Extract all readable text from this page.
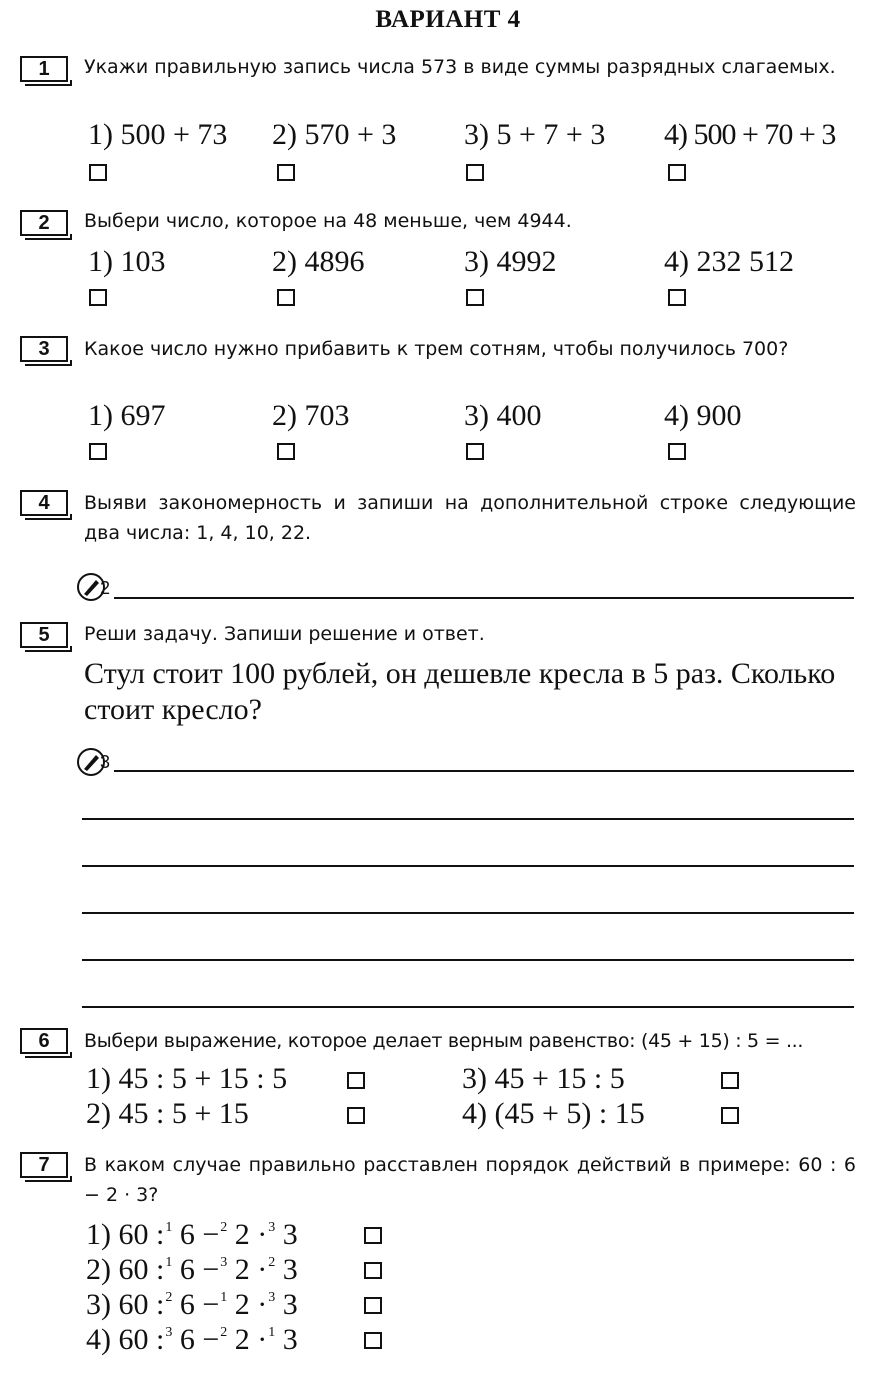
ВАРИАНТ 4
1	Укажи правильную запись числа 573 в виде суммы разрядных слагаемых.
1) 500 + 73 2) 570 + 3 3) 5 + 7 + 3 4) 500 + 70 + 3
2	Выбери число, которое на 48 меньше, чем 4944.
1) 103	2) 4896	3) 4992	4) 232 512
3	Какое число нужно прибавить к трем сотням, чтобы получилось 700?
1) 697	2) 703	3) 400	4) 900
4	Выяви закономерность и запиши на дополнительной строке следующие два числа: 1, 4, 10, 22.
2
5	Реши задачу. Запиши решение и ответ.
Стул стоит 100 рублей, он дешевле кресла в 5 раз. Сколько стоит кресло?
3
6	Выбери выражение, которое делает верным равенство: (45 + 15) : 5 = ...
1) 45 : 5 + 15 : 5
2) 45 : 5 + 15
3) 45 + 15 : 5
4) (45 + 5) : 15
7	В каком случае правильно расставлен порядок действий в примере: 60 : 6 − 2 · 3?
1) 60 :$^1$ 6 −$^2$ 2 ·$^3$ 3
2) 60 :$^1$ 6 −$^3$ 2 ·$^2$ 3
3) 60 :$^2$ 6 −$^1$ 2 ·$^3$ 3
4) 60 :$^3$ 6 −$^2$ 2 ·$^1$ 3
